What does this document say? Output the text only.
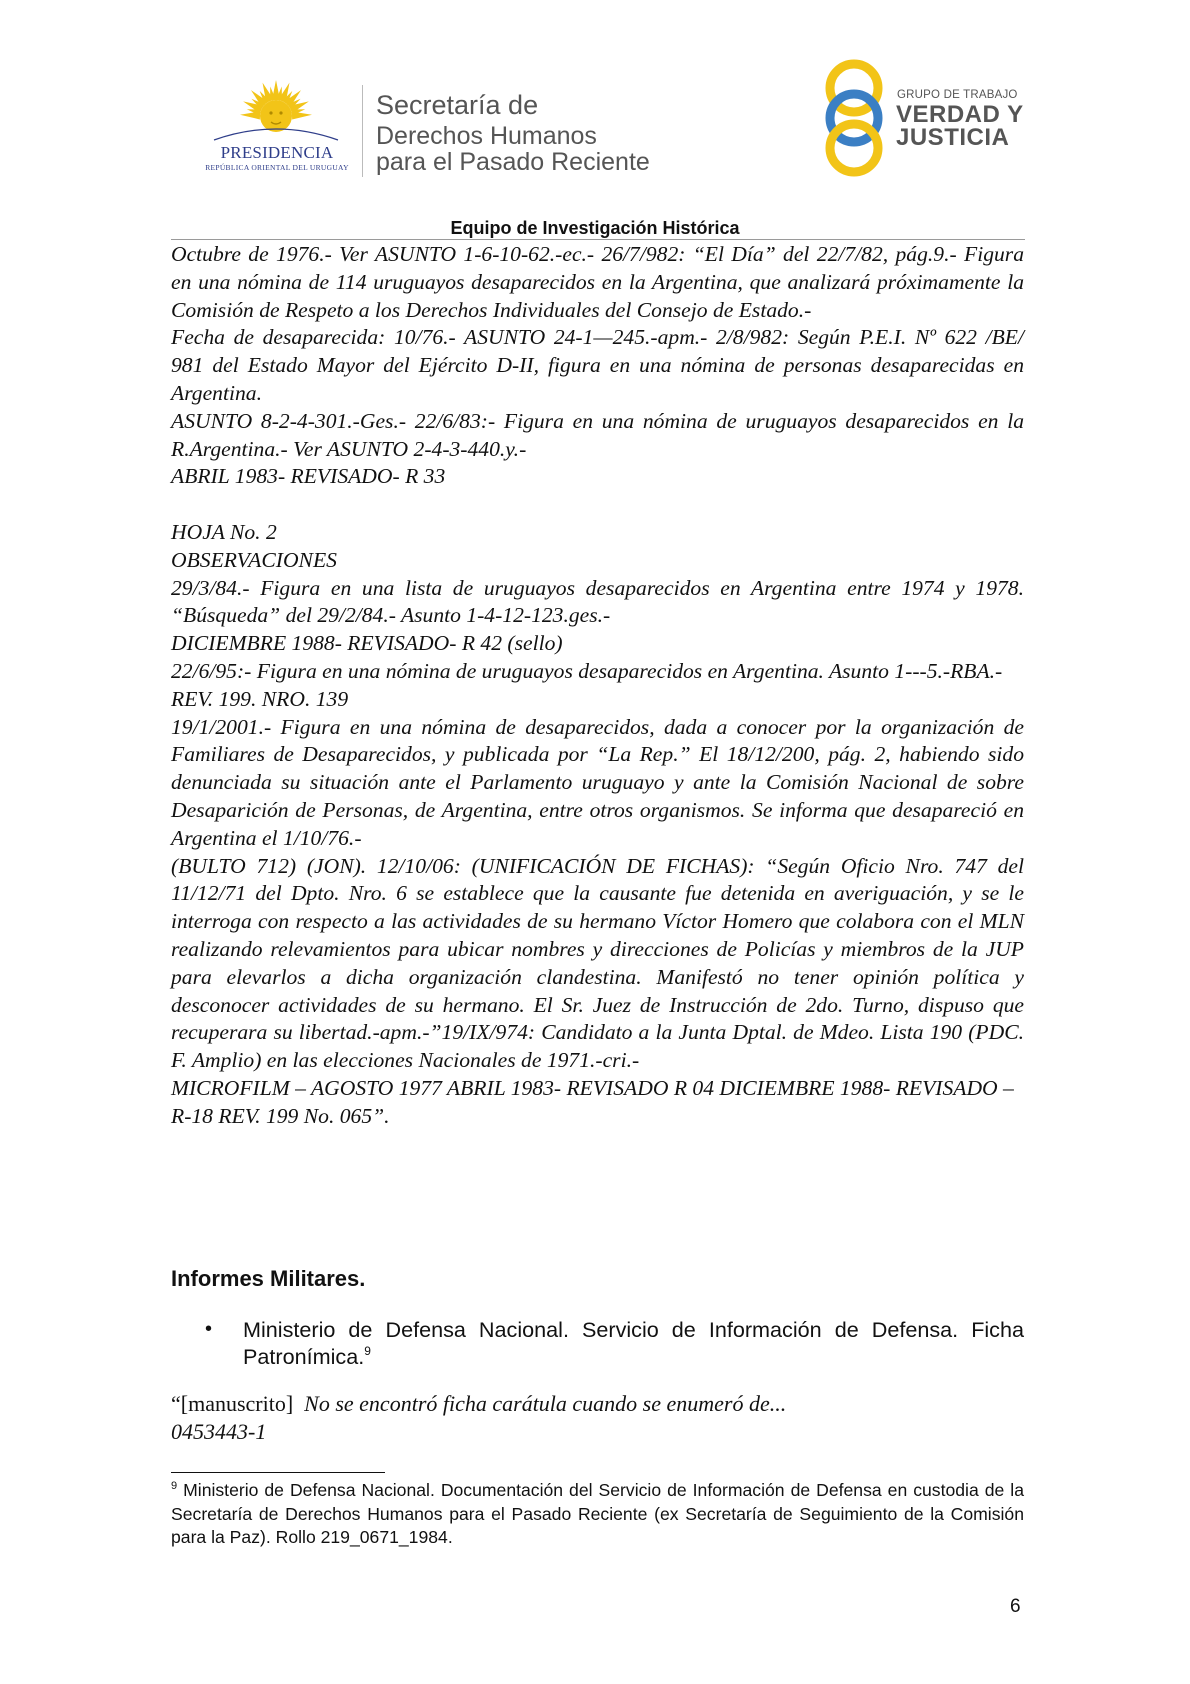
PRESIDENCIA
REPÚBLICA ORIENTAL DEL URUGUAY
Secretaría de
Derechos Humanos
para el Pasado Reciente
GRUPO DE TRABAJO
VERDAD Y
JUSTICIA
Equipo de Investigación Histórica

Octubre de 1976.- Ver ASUNTO 1-6-10-62.-ec.- 26/7/982: “El Día” del 22/7/82, pág.9.- Figura en una nómina de 114 uruguayos desaparecidos en la Argentina, que analizará próximamente la Comisión de Respeto a los Derechos Individuales del Consejo de Estado.-

Fecha de desaparecida: 10/76.- ASUNTO 24-1—245.-apm.- 2/8/982: Según P.E.I. Nº 622 /BE/ 981 del Estado Mayor del Ejército D-II, figura en una nómina de personas desaparecidas en Argentina.

ASUNTO 8-2-4-301.-Ges.- 22/6/83:- Figura en una nómina de uruguayos desaparecidos en la R.Argentina.- Ver ASUNTO 2-4-3-440.y.-

ABRIL 1983- REVISADO- R 33

HOJA No. 2

OBSERVACIONES

29/3/84.- Figura en una lista de uruguayos desaparecidos en Argentina entre 1974 y 1978. “Búsqueda” del 29/2/84.- Asunto 1-4-12-123.ges.-

DICIEMBRE 1988- REVISADO- R 42 (sello)

22/6/95:- Figura en una nómina de uruguayos desaparecidos en Argentina. Asunto 1---5.-RBA.-

REV. 199. NRO. 139

19/1/2001.- Figura en una nómina de desaparecidos, dada a conocer por la organización de Familiares de Desaparecidos, y publicada por “La Rep.” El 18/12/200, pág. 2, habiendo sido denunciada su situación ante el Parlamento uruguayo y ante la Comisión Nacional de sobre Desaparición de Personas, de Argentina, entre otros organismos. Se informa que desapareció en Argentina el 1/10/76.-

(BULTO 712) (JON). 12/10/06: (UNIFICACIÓN DE FICHAS): “Según Oficio Nro. 747 del 11/12/71 del Dpto. Nro. 6 se establece que la causante fue detenida en averiguación, y se le interroga con respecto a las actividades de su hermano Víctor Homero que colabora con el MLN realizando relevamientos para ubicar nombres y direcciones de Policías y miembros de la JUP para elevarlos a dicha organización clandestina. Manifestó no tener opinión política y desconocer actividades de su hermano. El Sr. Juez de Instrucción de 2do. Turno, dispuso que recuperara su libertad.-apm.-”19/IX/974: Candidato a la Junta Dptal. de Mdeo. Lista 190 (PDC. F. Amplio) en las elecciones Nacionales de 1971.-cri.-

MICROFILM – AGOSTO 1977 ABRIL 1983- REVISADO R 04 DICIEMBRE 1988- REVISADO –

R-18 REV. 199 No. 065”.

Informes Militares.
• Ministerio de Defensa Nacional. Servicio de Información de Defensa. Ficha Patronímica.$^9$
“[manuscrito] No se encontró ficha carátula cuando se enumeró de...
0453443-1
$^9$ Ministerio de Defensa Nacional. Documentación del Servicio de Información de Defensa en custodia de la Secretaría de Derechos Humanos para el Pasado Reciente (ex Secretaría de Seguimiento de la Comisión para la Paz). Rollo 219_0671_1984.
6
